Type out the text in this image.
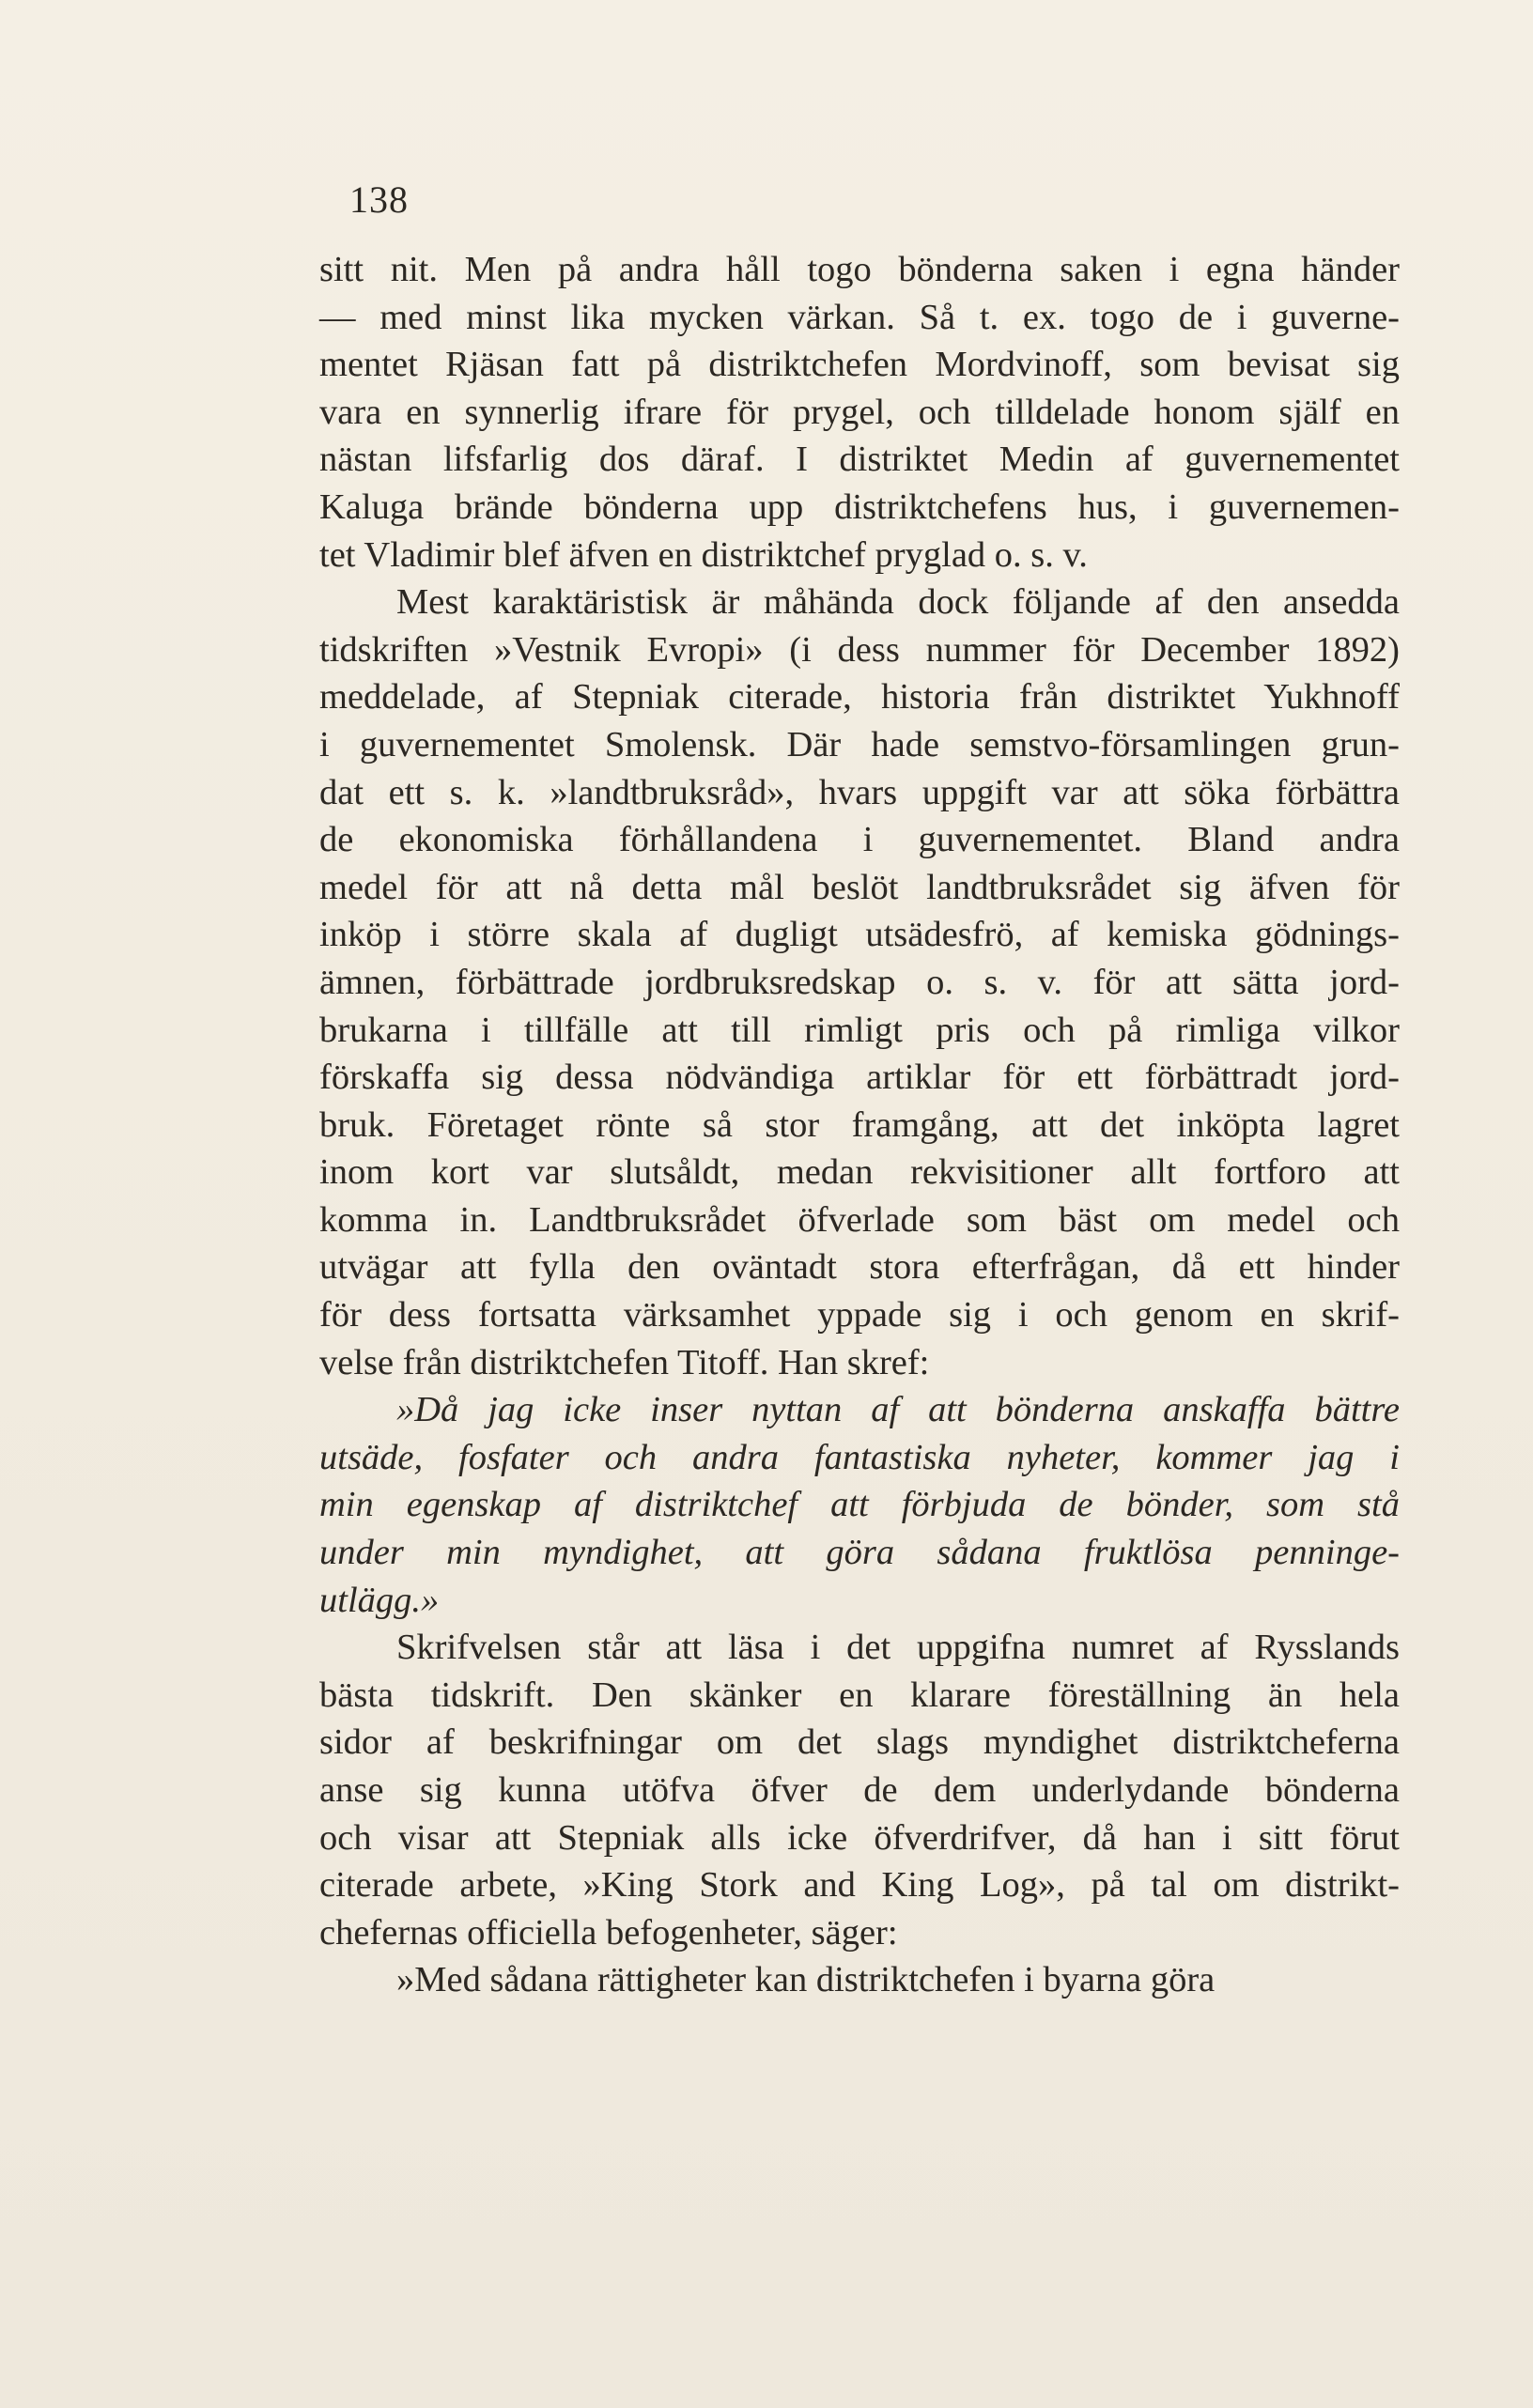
138

sitt nit. Men på andra håll togo bönderna saken i egna händer
— med minst lika mycken värkan. Så t. ex. togo de i guverne-
mentet Rjäsan fatt på distriktchefen Mordvinoff, som bevisat sig
vara en synnerlig ifrare för prygel, och tilldelade honom själf en
nästan lifsfarlig dos däraf. I distriktet Medin af guvernementet
Kaluga brände bönderna upp distriktchefens hus, i guvernemen-
tet Vladimir blef äfven en distriktchef pryglad o. s. v.

Mest karaktäristisk är måhända dock följande af den ansedda
tidskriften »Vestnik Evropi» (i dess nummer för December 1892)
meddelade, af Stepniak citerade, historia från distriktet Yukhnoff
i guvernementet Smolensk. Där hade semstvo-församlingen grun-
dat ett s. k. »landtbruksråd», hvars uppgift var att söka förbättra
de ekonomiska förhållandena i guvernementet. Bland andra
medel för att nå detta mål beslöt landtbruksrådet sig äfven för
inköp i större skala af dugligt utsädesfrö, af kemiska gödnings-
ämnen, förbättrade jordbruksredskap o. s. v. för att sätta jord-
brukarna i tillfälle att till rimligt pris och på rimliga vilkor
förskaffa sig dessa nödvändiga artiklar för ett förbättradt jord-
bruk. Företaget rönte så stor framgång, att det inköpta lagret
inom kort var slutsåldt, medan rekvisitioner allt fortforo att
komma in. Landtbruksrådet öfverlade som bäst om medel och
utvägar att fylla den oväntadt stora efterfrågan, då ett hinder
för dess fortsatta värksamhet yppade sig i och genom en skrif-
velse från distriktchefen Titoff. Han skref:

»Då jag icke inser nyttan af att bönderna anskaffa bättre
utsäde, fosfater och andra fantastiska nyheter, kommer jag i
min egenskap af distriktchef att förbjuda de bönder, som stå
under min myndighet, att göra sådana fruktlösa penninge-
utlägg.»

Skrifvelsen står att läsa i det uppgifna numret af Rysslands
bästa tidskrift. Den skänker en klarare föreställning än hela
sidor af beskrifningar om det slags myndighet distriktcheferna
anse sig kunna utöfva öfver de dem underlydande bönderna
och visar att Stepniak alls icke öfverdrifver, då han i sitt förut
citerade arbete, »King Stork and King Log», på tal om distrikt-
chefernas officiella befogenheter, säger:

»Med sådana rättigheter kan distriktchefen i byarna göra
